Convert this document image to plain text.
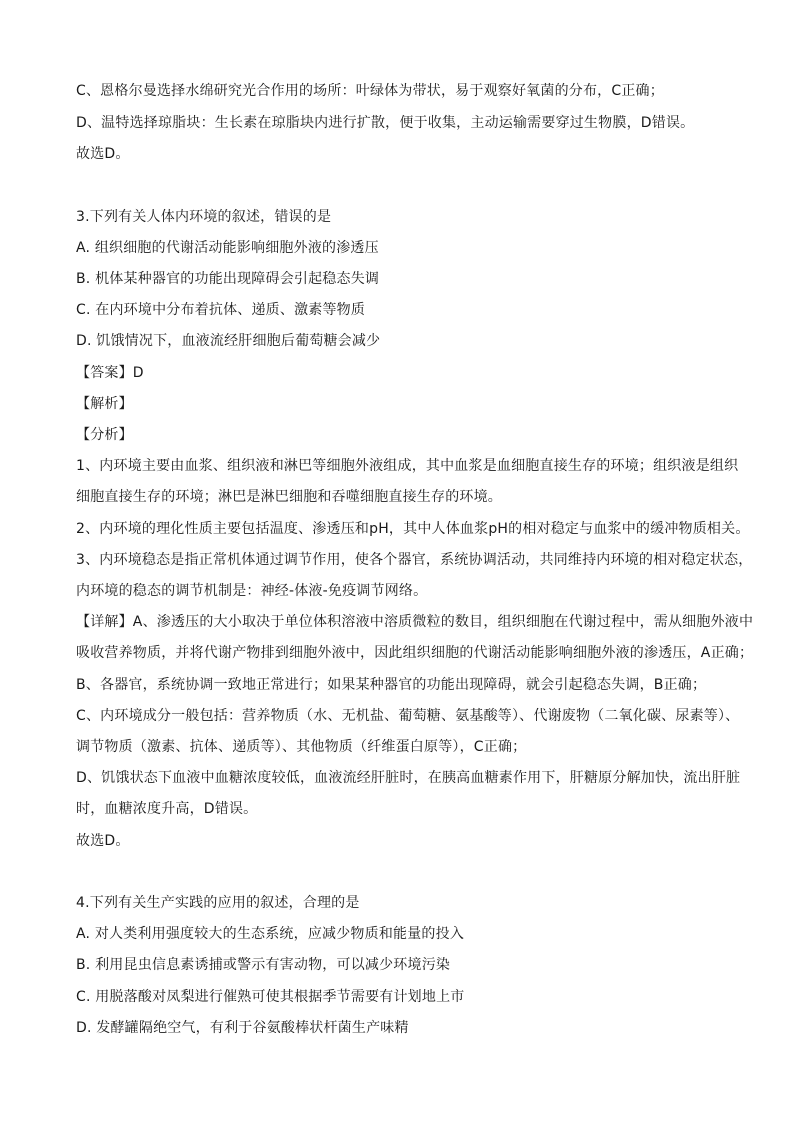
C、恩格尔曼选择水绵研究光合作用的场所：叶绿体为带状，易于观察好氧菌的分布，C正确；
D、温特选择琼脂块：生长素在琼脂块内进行扩散，便于收集，主动运输需要穿过生物膜，D错误。
故选D。
3.下列有关人体内环境的叙述，错误的是
A. 组织细胞的代谢活动能影响细胞外液的渗透压
B. 机体某种器官的功能出现障碍会引起稳态失调
C. 在内环境中分布着抗体、递质、激素等物质
D. 饥饿情况下，血液流经肝细胞后葡萄糖会减少
【答案】D
【解析】
【分析】
1、内环境主要由血浆、组织液和淋巴等细胞外液组成，其中血浆是血细胞直接生存的环境；组织液是组织
细胞直接生存的环境；淋巴是淋巴细胞和吞噬细胞直接生存的环境。
2、内环境的理化性质主要包括温度、渗透压和pH，其中人体血浆pH的相对稳定与血浆中的缓冲物质相关。
3、内环境稳态是指正常机体通过调节作用，使各个器官，系统协调活动，共同维持内环境的相对稳定状态，
内环境的稳态的调节机制是：神经-体液-免疫调节网络。
【详解】A、渗透压的大小取决于单位体积溶液中溶质微粒的数目，组织细胞在代谢过程中，需从细胞外液中
吸收营养物质，并将代谢产物排到细胞外液中，因此组织细胞的代谢活动能影响细胞外液的渗透压，A正确；
B、各器官，系统协调一致地正常进行；如果某种器官的功能出现障碍，就会引起稳态失调，B正确；
C、内环境成分一般包括：营养物质（水、无机盐、葡萄糖、氨基酸等）、代谢废物（二氧化碳、尿素等）、
调节物质（激素、抗体、递质等）、其他物质（纤维蛋白原等），C正确；
D、饥饿状态下血液中血糖浓度较低，血液流经肝脏时，在胰高血糖素作用下，肝糖原分解加快，流出肝脏
时，血糖浓度升高，D错误。
故选D。
4.下列有关生产实践的应用的叙述，合理的是
A. 对人类利用强度较大的生态系统，应减少物质和能量的投入
B. 利用昆虫信息素诱捕或警示有害动物，可以减少环境污染
C. 用脱落酸对凤梨进行催熟可使其根据季节需要有计划地上市
D. 发酵罐隔绝空气，有利于谷氨酸棒状杆菌生产味精
